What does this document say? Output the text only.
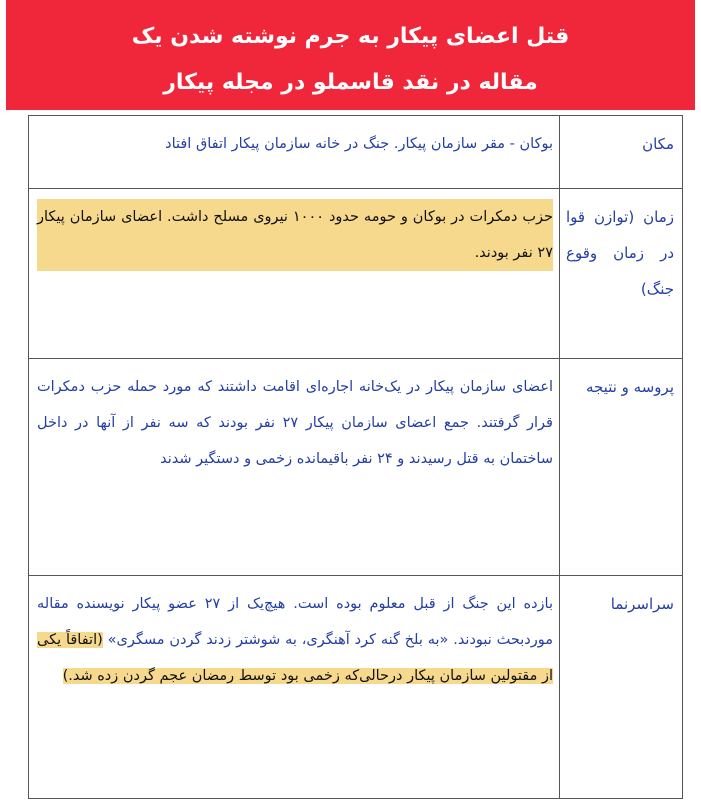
قتل اعضای پیکار به جرم نوشته شدن یک
مقاله در نقد قاسملو در مجله پیکار
مکان	بوکان - مقر سازمان پیکار. جنگ در خانه سازمان پیکار اتفاق افتاد
زمان (توازن قوا در زمان وقوع جنگ)	حزب دمکرات در بوکان و حومه حدود ۱۰۰۰ نیروی مسلح داشت. اعضای سازمان پیکار ۲۷ نفر بودند.

پروسه و نتیجه	اعضای سازمان پیکار در یک‌خانه اجاره‌ای اقامت داشتند که مورد حمله حزب دمکرات قرار گرفتند. جمع اعضای سازمان پیکار ۲۷ نفر بودند که سه نفر از آنها در داخل ساختمان به قتل رسیدند و ۲۴ نفر باقیمانده زخمی و دستگیر شدند
سراسرنما	بازده این جنگ از قبل معلوم بوده است. هیچ‌یک از ۲۷ عضو پیکار نویسنده مقاله موردبحث نبودند. «به بلخ گنه کرد آهنگری، به شوشتر زدند گردن مسگری» (اتفاقاً یکی از مقتولین سازمان پیکار درحالی‌که زخمی بود توسط رمضان عجم گردن زده شد.)
